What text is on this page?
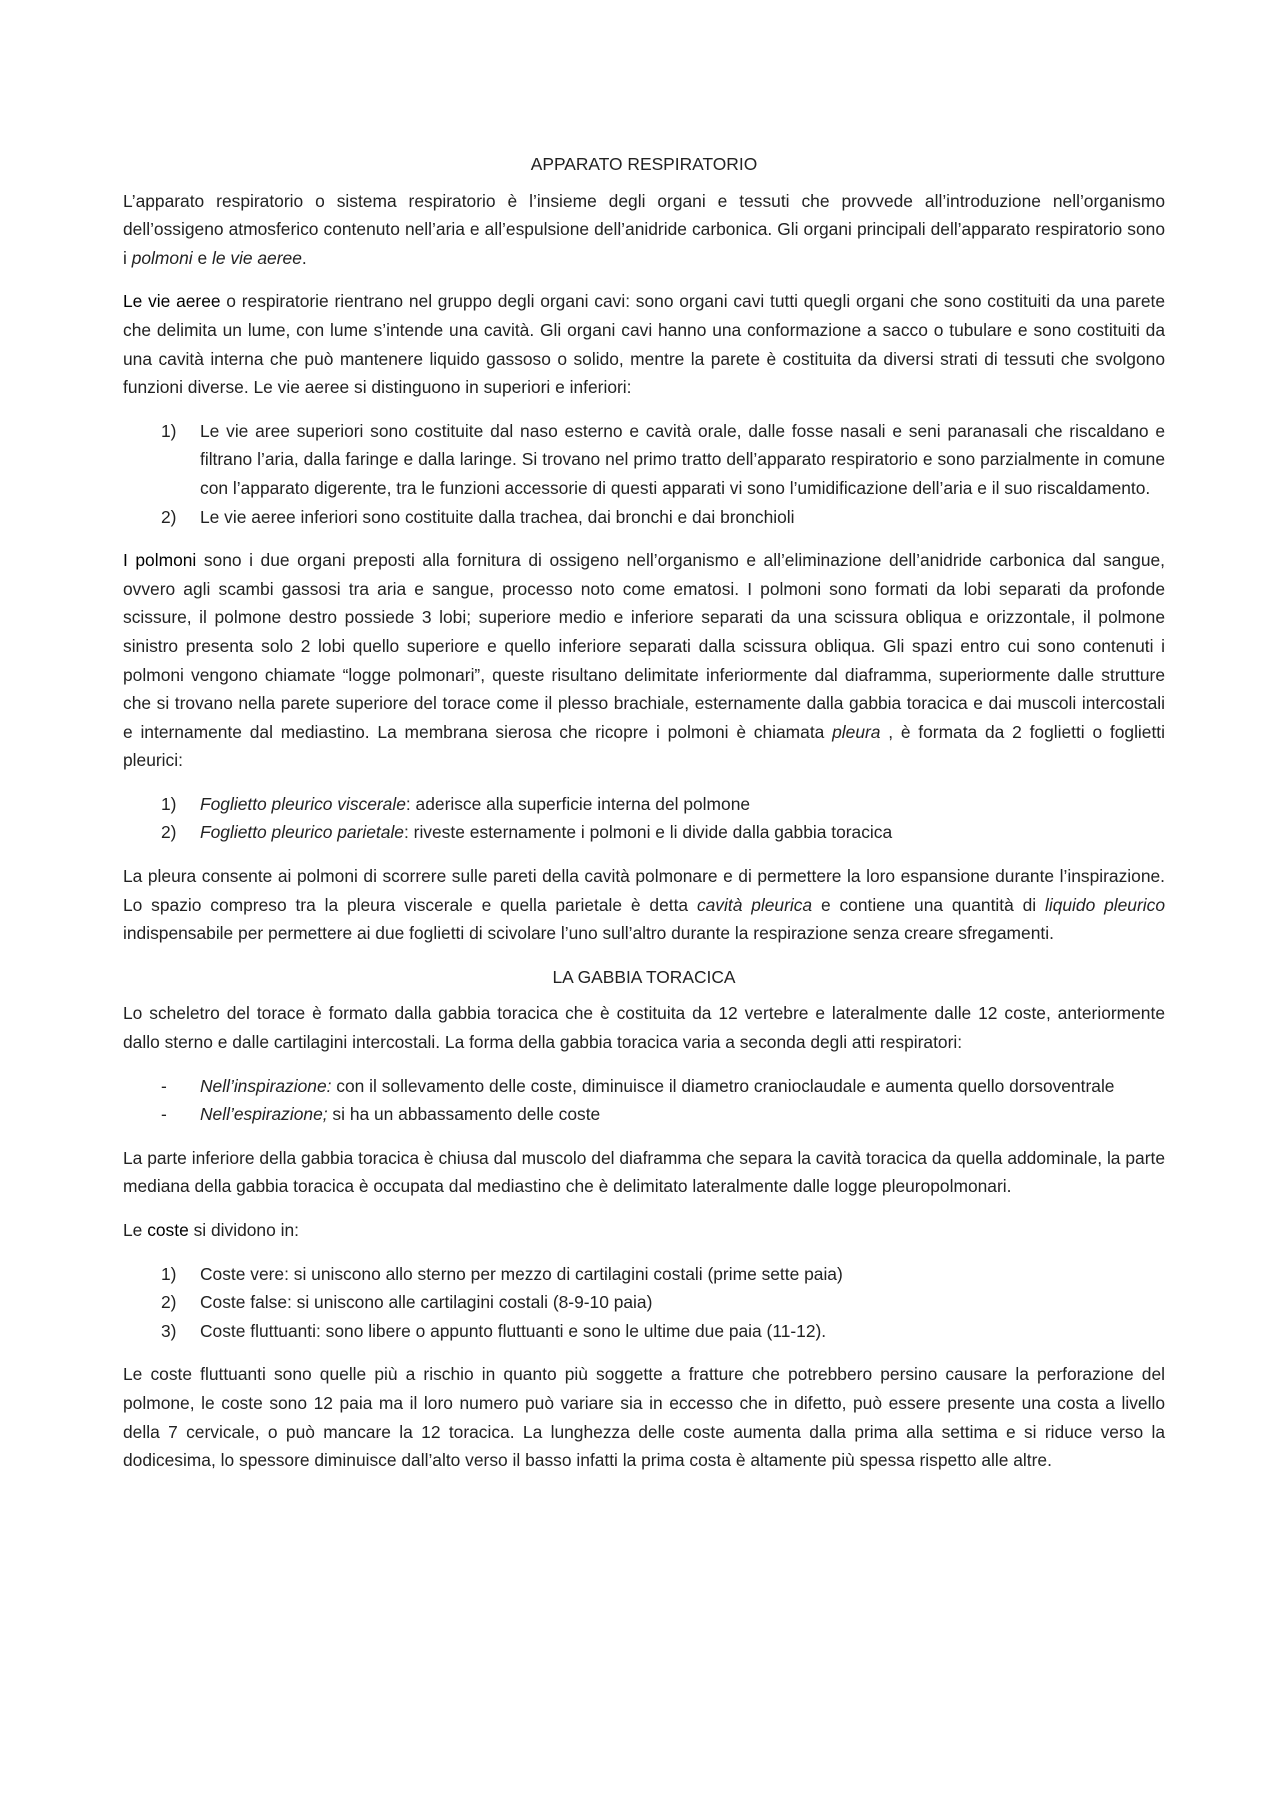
APPARATO RESPIRATORIO

L’apparato respiratorio o sistema respiratorio è l’insieme degli organi e tessuti che provvede all’introduzione nell’organismo dell’ossigeno atmosferico contenuto nell’aria e all’espulsione dell’anidride carbonica. Gli organi principali dell’apparato respiratorio sono i polmoni e le vie aeree.

Le vie aeree o respiratorie rientrano nel gruppo degli organi cavi: sono organi cavi tutti quegli organi che sono costituiti da una parete che delimita un lume, con lume s’intende una cavità. Gli organi cavi hanno una conformazione a sacco o tubulare e sono costituiti da una cavità interna che può mantenere liquido gassoso o solido, mentre la parete è costituita da diversi strati di tessuti che svolgono funzioni diverse. Le vie aeree si distinguono in superiori e inferiori:

1) Le vie aree superiori sono costituite dal naso esterno e cavità orale, dalle fosse nasali e seni paranasali che riscaldano e filtrano l’aria, dalla faringe e dalla laringe. Si trovano nel primo tratto dell’apparato respiratorio e sono parzialmente in comune con l’apparato digerente, tra le funzioni accessorie di questi apparati vi sono l’umidificazione dell’aria e il suo riscaldamento.
2) Le vie aeree inferiori sono costituite dalla trachea, dai bronchi e dai bronchioli

I polmoni sono i due organi preposti alla fornitura di ossigeno nell’organismo e all’eliminazione dell’anidride carbonica dal sangue, ovvero agli scambi gassosi tra aria e sangue, processo noto come ematosi. I polmoni sono formati da lobi separati da profonde scissure, il polmone destro possiede 3 lobi; superiore medio e inferiore separati da una scissura obliqua e orizzontale, il polmone sinistro presenta solo 2 lobi quello superiore e quello inferiore separati dalla scissura obliqua. Gli spazi entro cui sono contenuti i polmoni vengono chiamate “logge polmonari”, queste risultano delimitate inferiormente dal diaframma, superiormente dalle strutture che si trovano nella parete superiore del torace come il plesso brachiale, esternamente dalla gabbia toracica e dai muscoli intercostali e internamente dal mediastino. La membrana sierosa che ricopre i polmoni è chiamata pleura , è formata da 2 foglietti o foglietti pleurici:

1) Foglietto pleurico viscerale: aderisce alla superficie interna del polmone
2) Foglietto pleurico parietale: riveste esternamente i polmoni e li divide dalla gabbia toracica

La pleura consente ai polmoni di scorrere sulle pareti della cavità polmonare e di permettere la loro espansione durante l’inspirazione. Lo spazio compreso tra la pleura viscerale e quella parietale è detta cavità pleurica e contiene una quantità di liquido pleurico indispensabile per permettere ai due foglietti di scivolare l’uno sull’altro durante la respirazione senza creare sfregamenti.

LA GABBIA TORACICA

Lo scheletro del torace è formato dalla gabbia toracica che è costituita da 12 vertebre e lateralmente dalle 12 coste, anteriormente dallo sterno e dalle cartilagini intercostali. La forma della gabbia toracica varia a seconda degli atti respiratori:

- Nell’inspirazione: con il sollevamento delle coste, diminuisce il diametro cranioclaudale e aumenta quello dorsoventrale
- Nell’espirazione; si ha un abbassamento delle coste

La parte inferiore della gabbia toracica è chiusa dal muscolo del diaframma che separa la cavità toracica da quella addominale, la parte mediana della gabbia toracica è occupata dal mediastino che è delimitato lateralmente dalle logge pleuropolmonari.

Le coste si dividono in:

1) Coste vere: si uniscono allo sterno per mezzo di cartilagini costali (prime sette paia)
2) Coste false: si uniscono alle cartilagini costali (8-9-10 paia)
3) Coste fluttuanti: sono libere o appunto fluttuanti e sono le ultime due paia (11-12).

Le coste fluttuanti sono quelle più a rischio in quanto più soggette a fratture che potrebbero persino causare la perforazione del polmone, le coste sono 12 paia ma il loro numero può variare sia in eccesso che in difetto, può essere presente una costa a livello della 7 cervicale, o può mancare la 12 toracica. La lunghezza delle coste aumenta dalla prima alla settima e si riduce verso la dodicesima, lo spessore diminuisce dall’alto verso il basso infatti la prima costa è altamente più spessa rispetto alle altre.
